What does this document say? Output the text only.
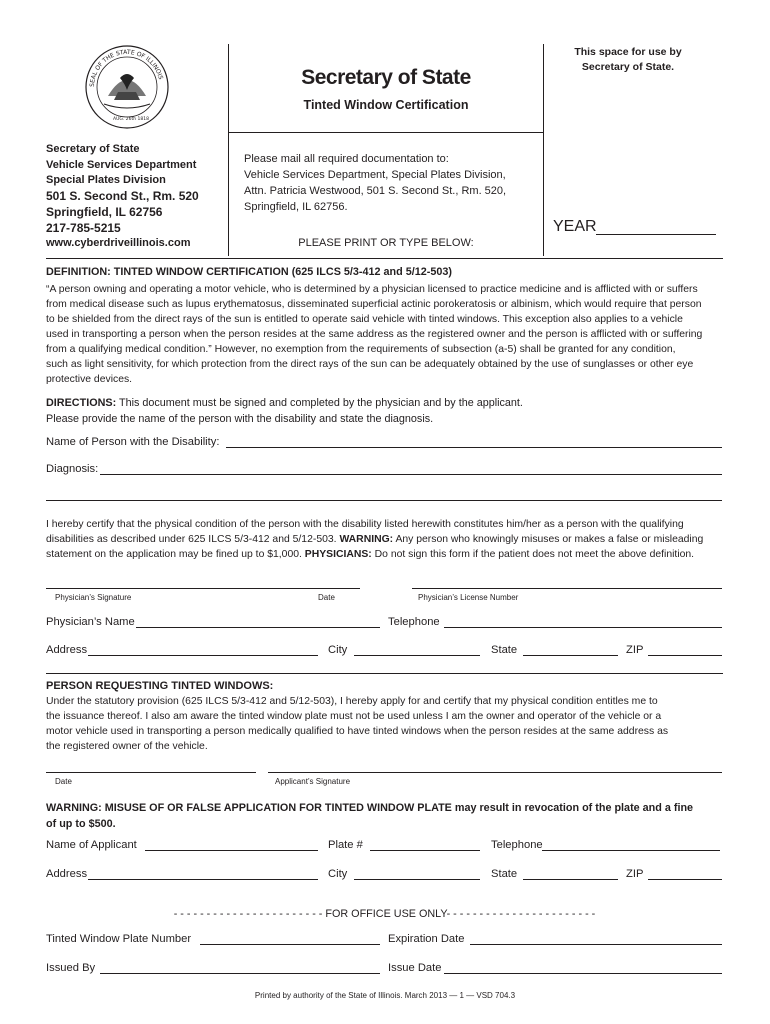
SEAL OF THE STATE OF ILLINOIS
AUG. 26th 1818
This space for use by
Secretary of State.
Secretary of State
Tinted Window Certification
Secretary of State
Vehicle Services Department
Special Plates Division
501 S. Second St., Rm. 520
Springfield, IL 62756
217-785-5215
www.cyberdriveillinois.com
Please mail all required documentation to:
Vehicle Services Department, Special Plates Division,
Attn. Patricia Westwood, 501 S. Second St., Rm. 520,
Springfield, IL 62756.
PLEASE PRINT OR TYPE BELOW:
YEAR
DEFINITION: TINTED WINDOW CERTIFICATION (625 ILCS 5/3-412 and 5/12-503)
“A person owning and operating a motor vehicle, who is determined by a physician licensed to practice medicine and is afflicted with or suffers
from medical disease such as lupus erythematosus, disseminated superficial actinic porokeratosis or albinism, which would require that person
to be shielded from the direct rays of the sun is entitled to operate said vehicle with tinted windows. This exception also applies to a vehicle
used in transporting a person when the person resides at the same address as the registered owner and the person is afflicted with or suffering
from a qualifying medical condition.” However, no exemption from the requirements of subsection (a-5) shall be granted for any condition,
such as light sensitivity, for which protection from the direct rays of the sun can be adequately obtained by the use of sunglasses or other eye
protective devices.
DIRECTIONS: This document must be signed and completed by the physician and by the applicant.
Please provide the name of the person with the disability and state the diagnosis.
Name of Person with the Disability:
Diagnosis:
I hereby certify that the physical condition of the person with the disability listed herewith constitutes him/her as a person with the qualifying
disabilities as described under 625 ILCS 5/3-412 and 5/12-503. WARNING: Any person who knowingly misuses or makes a false or misleading
statement on the application may be fined up to $1,000. PHYSICIANS: Do not sign this form if the patient does not meet the above definition.
Physician’s Signature	Date	Physician’s License Number
Physician’s Name	Telephone
Address	City	State	ZIP
PERSON REQUESTING TINTED WINDOWS:
Under the statutory provision (625 ILCS 5/3-412 and 5/12-503), I hereby apply for and certify that my physical condition entitles me to
the issuance thereof. I also am aware the tinted window plate must not be used unless I am the owner and operator of the vehicle or a
motor vehicle used in transporting a person medically qualified to have tinted windows when the person resides at the same address as
the registered owner of the vehicle.
Date	Applicant’s Signature
WARNING: MISUSE OF OR FALSE APPLICATION FOR TINTED WINDOW PLATE may result in revocation of the plate and a fine
of up to $500.
Name of Applicant	Plate #	Telephone
Address	City	State	ZIP
- - - - - - - - - - - - - - - - - - - - - - - FOR OFFICE USE ONLY- - - - - - - - - - - - - - - - - - - - - - -
Tinted Window Plate Number	Expiration Date
Issued By	Issue Date
Printed by authority of the State of Illinois. March 2013 — 1 — VSD 704.3
